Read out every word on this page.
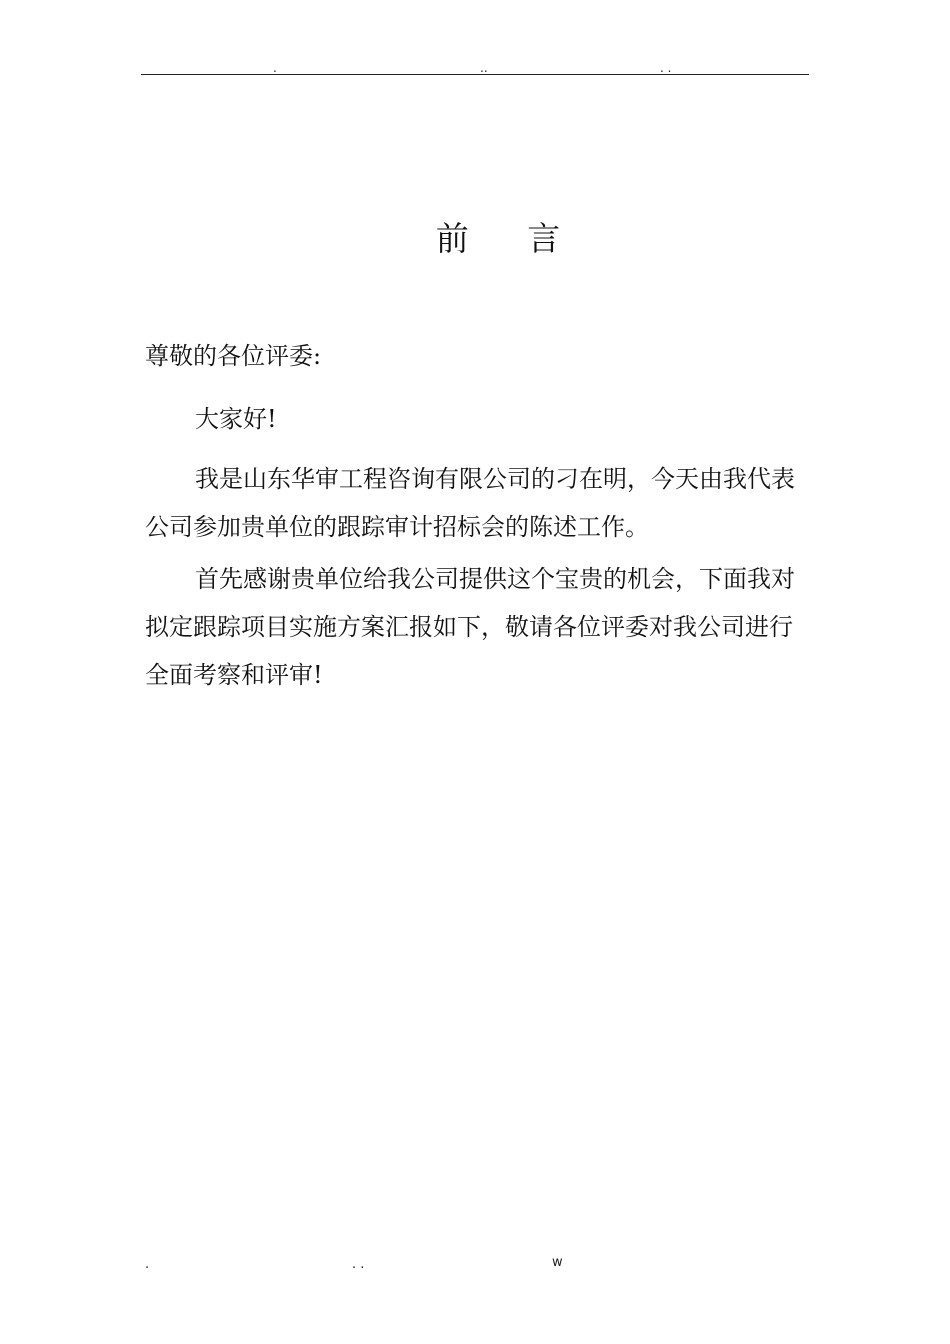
.	..	. .
前 言

尊敬的各位评委:

大家好!

我是山东华审工程咨询有限公司的刁在明，今天由我代表公司参加贵单位的跟踪审计招标会的陈述工作。

首先感谢贵单位给我公司提供这个宝贵的机会，下面我对拟定跟踪项目实施方案汇报如下，敬请各位评委对我公司进行全面考察和评审!

.	. .	w
